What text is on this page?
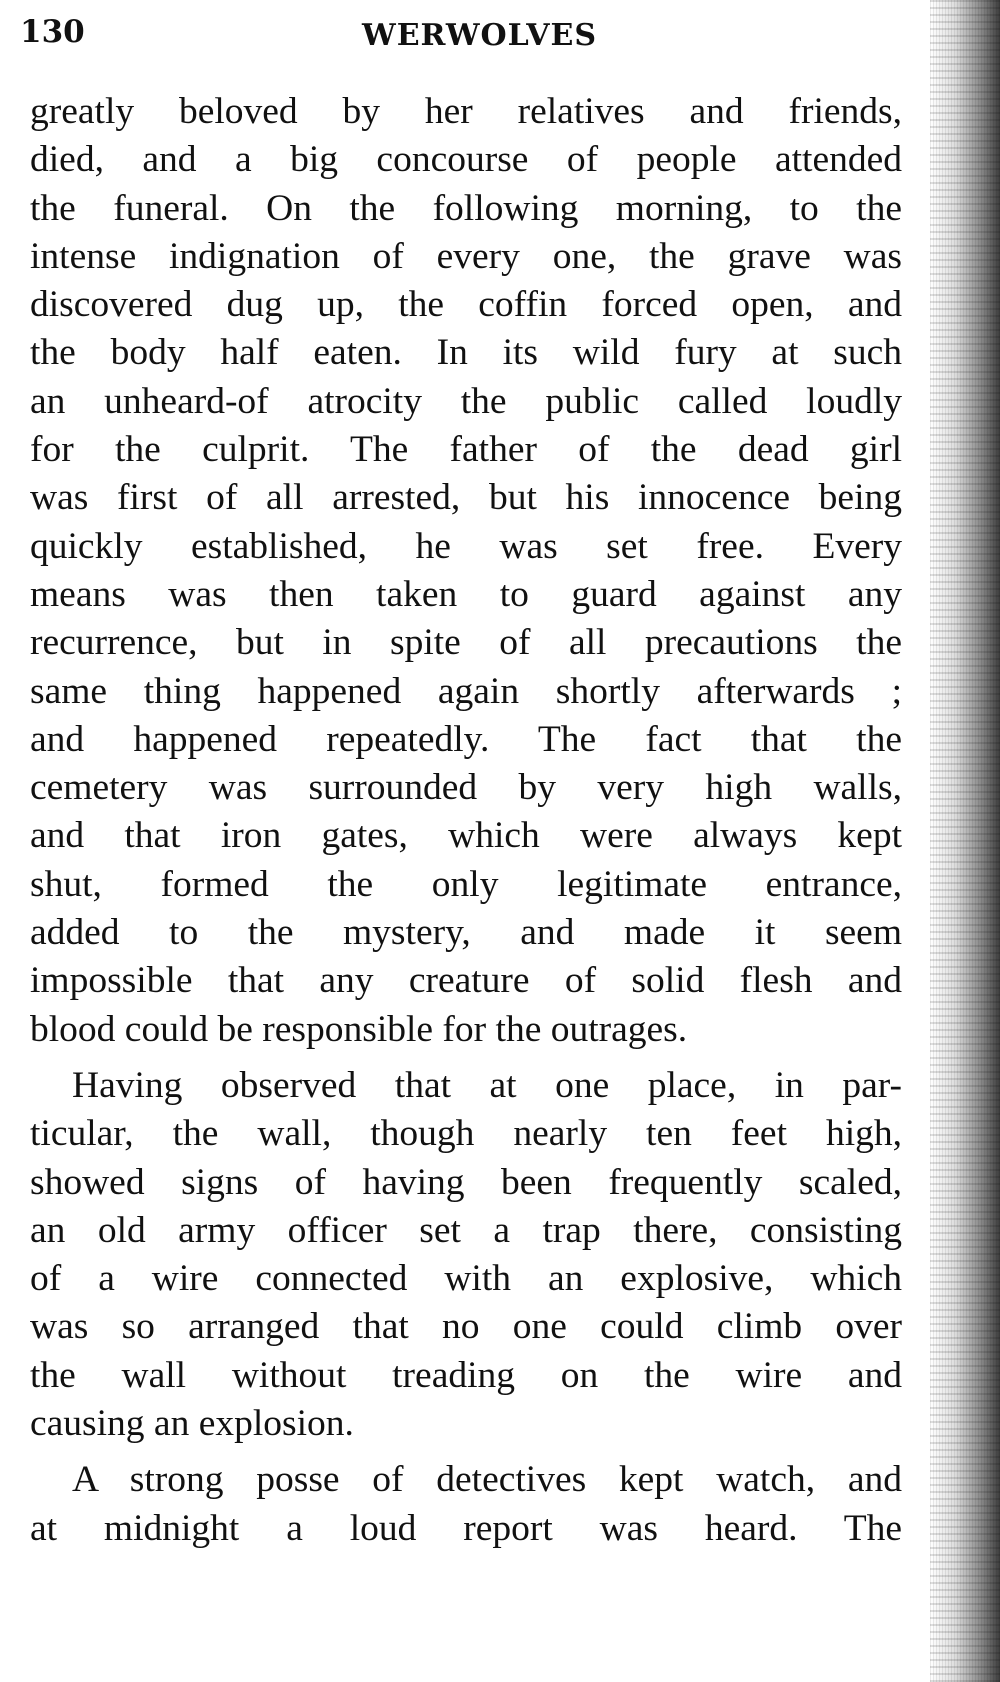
130	WERWOLVES
greatly beloved by her relatives and friends,
died, and a big concourse of people attended
the funeral. On the following morning, to the
intense indignation of every one, the grave was
discovered dug up, the coffin forced open, and
the body half eaten. In its wild fury at such
an unheard-of atrocity the public called loudly
for the culprit. The father of the dead girl
was first of all arrested, but his innocence being
quickly established, he was set free. Every
means was then taken to guard against any
recurrence, but in spite of all precautions the
same thing happened again shortly afterwards ;
and happened repeatedly. The fact that the
cemetery was surrounded by very high walls,
and that iron gates, which were always kept
shut, formed the only legitimate entrance,
added to the mystery, and made it seem
impossible that any creature of solid flesh and
blood could be responsible for the outrages.
Having observed that at one place, in par-
ticular, the wall, though nearly ten feet high,
showed signs of having been frequently scaled,
an old army officer set a trap there, consisting
of a wire connected with an explosive, which
was so arranged that no one could climb over
the wall without treading on the wire and
causing an explosion.
A strong posse of detectives kept watch, and
at midnight a loud report was heard. The
